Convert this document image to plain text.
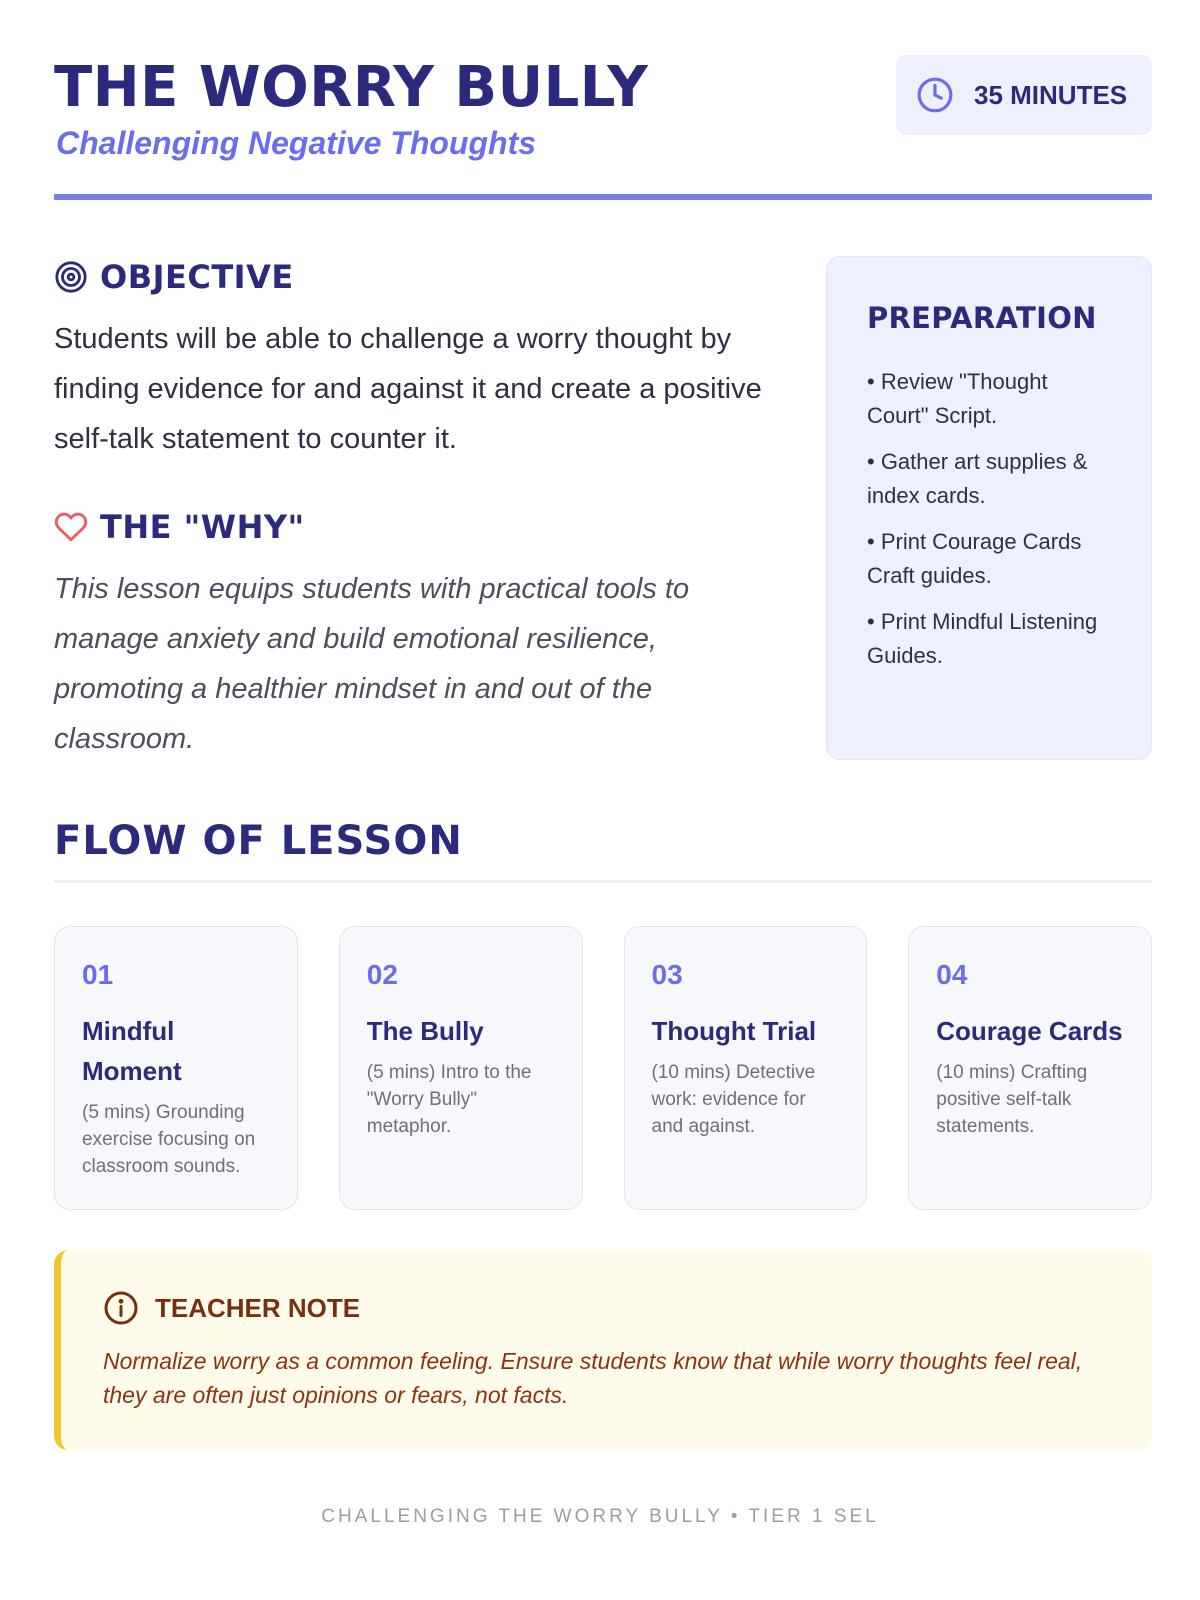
THE WORRY BULLY
Challenging Negative Thoughts
35 MINUTES
OBJECTIVE

Students will be able to challenge a worry thought by finding evidence for and against it and create a positive self-talk statement to counter it.

THE "WHY"

This lesson equips students with practical tools to manage anxiety and build emotional resilience, promoting a healthier mindset in and out of the classroom.

PREPARATION
• Review "Thought Court" Script.
• Gather art supplies & index cards.
• Print Courage Cards Craft guides.
• Print Mindful Listening Guides.
FLOW OF LESSON
01
Mindful Moment
(5 mins) Grounding exercise focusing on classroom sounds.
02
The Bully
(5 mins) Intro to the "Worry Bully" metaphor.
03
Thought Trial
(10 mins) Detective work: evidence for and against.
04
Courage Cards
(10 mins) Crafting positive self-talk statements.
TEACHER NOTE

Normalize worry as a common feeling. Ensure students know that while worry thoughts feel real, they are often just opinions or fears, not facts.

CHALLENGING THE WORRY BULLY • TIER 1 SEL
